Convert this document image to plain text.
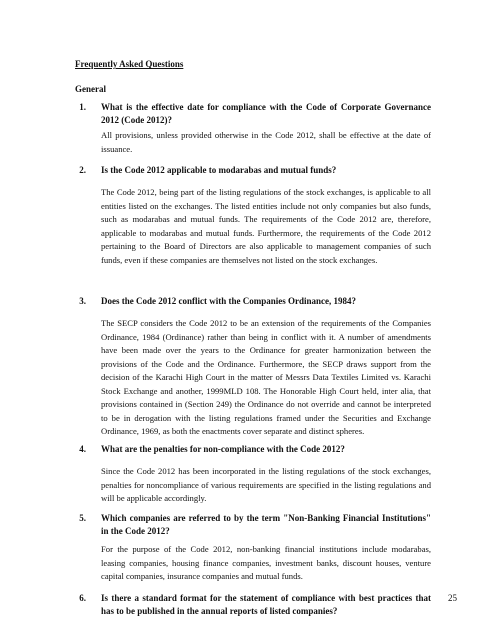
Frequently Asked Questions

General

1. What is the effective date for compliance with the Code of Corporate Governance 2012 (Code 2012)?

All provisions, unless provided otherwise in the Code 2012, shall be effective at the date of issuance.

2. Is the Code 2012 applicable to modarabas and mutual funds?

The Code 2012, being part of the listing regulations of the stock exchanges, is applicable to all entities listed on the exchanges. The listed entities include not only companies but also funds, such as modarabas and mutual funds. The requirements of the Code 2012 are, therefore, applicable to modarabas and mutual funds. Furthermore, the requirements of the Code 2012 pertaining to the Board of Directors are also applicable to management companies of such funds, even if these companies are themselves not listed on the stock exchanges.

3. Does the Code 2012 conflict with the Companies Ordinance, 1984?

The SECP considers the Code 2012 to be an extension of the requirements of the Companies Ordinance, 1984 (Ordinance) rather than being in conflict with it. A number of amendments have been made over the years to the Ordinance for greater harmonization between the provisions of the Code and the Ordinance. Furthermore, the SECP draws support from the decision of the Karachi High Court in the matter of Messrs Data Textiles Limited vs. Karachi Stock Exchange and another, 1999MLD 108. The Honorable High Court held, inter alia, that provisions contained in (Section 249) the Ordinance do not override and cannot be interpreted to be in derogation with the listing regulations framed under the Securities and Exchange Ordinance, 1969, as both the enactments cover separate and distinct spheres.

4. What are the penalties for non-compliance with the Code 2012?

Since the Code 2012 has been incorporated in the listing regulations of the stock exchanges, penalties for noncompliance of various requirements are specified in the listing regulations and will be applicable accordingly.

5. Which companies are referred to by the term "Non-Banking Financial Institutions" in the Code 2012?

For the purpose of the Code 2012, non-banking financial institutions include modarabas, leasing companies, housing finance companies, investment banks, discount houses, venture capital companies, insurance companies and mutual funds.

6. Is there a standard format for the statement of compliance with best practices that has to be published in the annual reports of listed companies?
25
